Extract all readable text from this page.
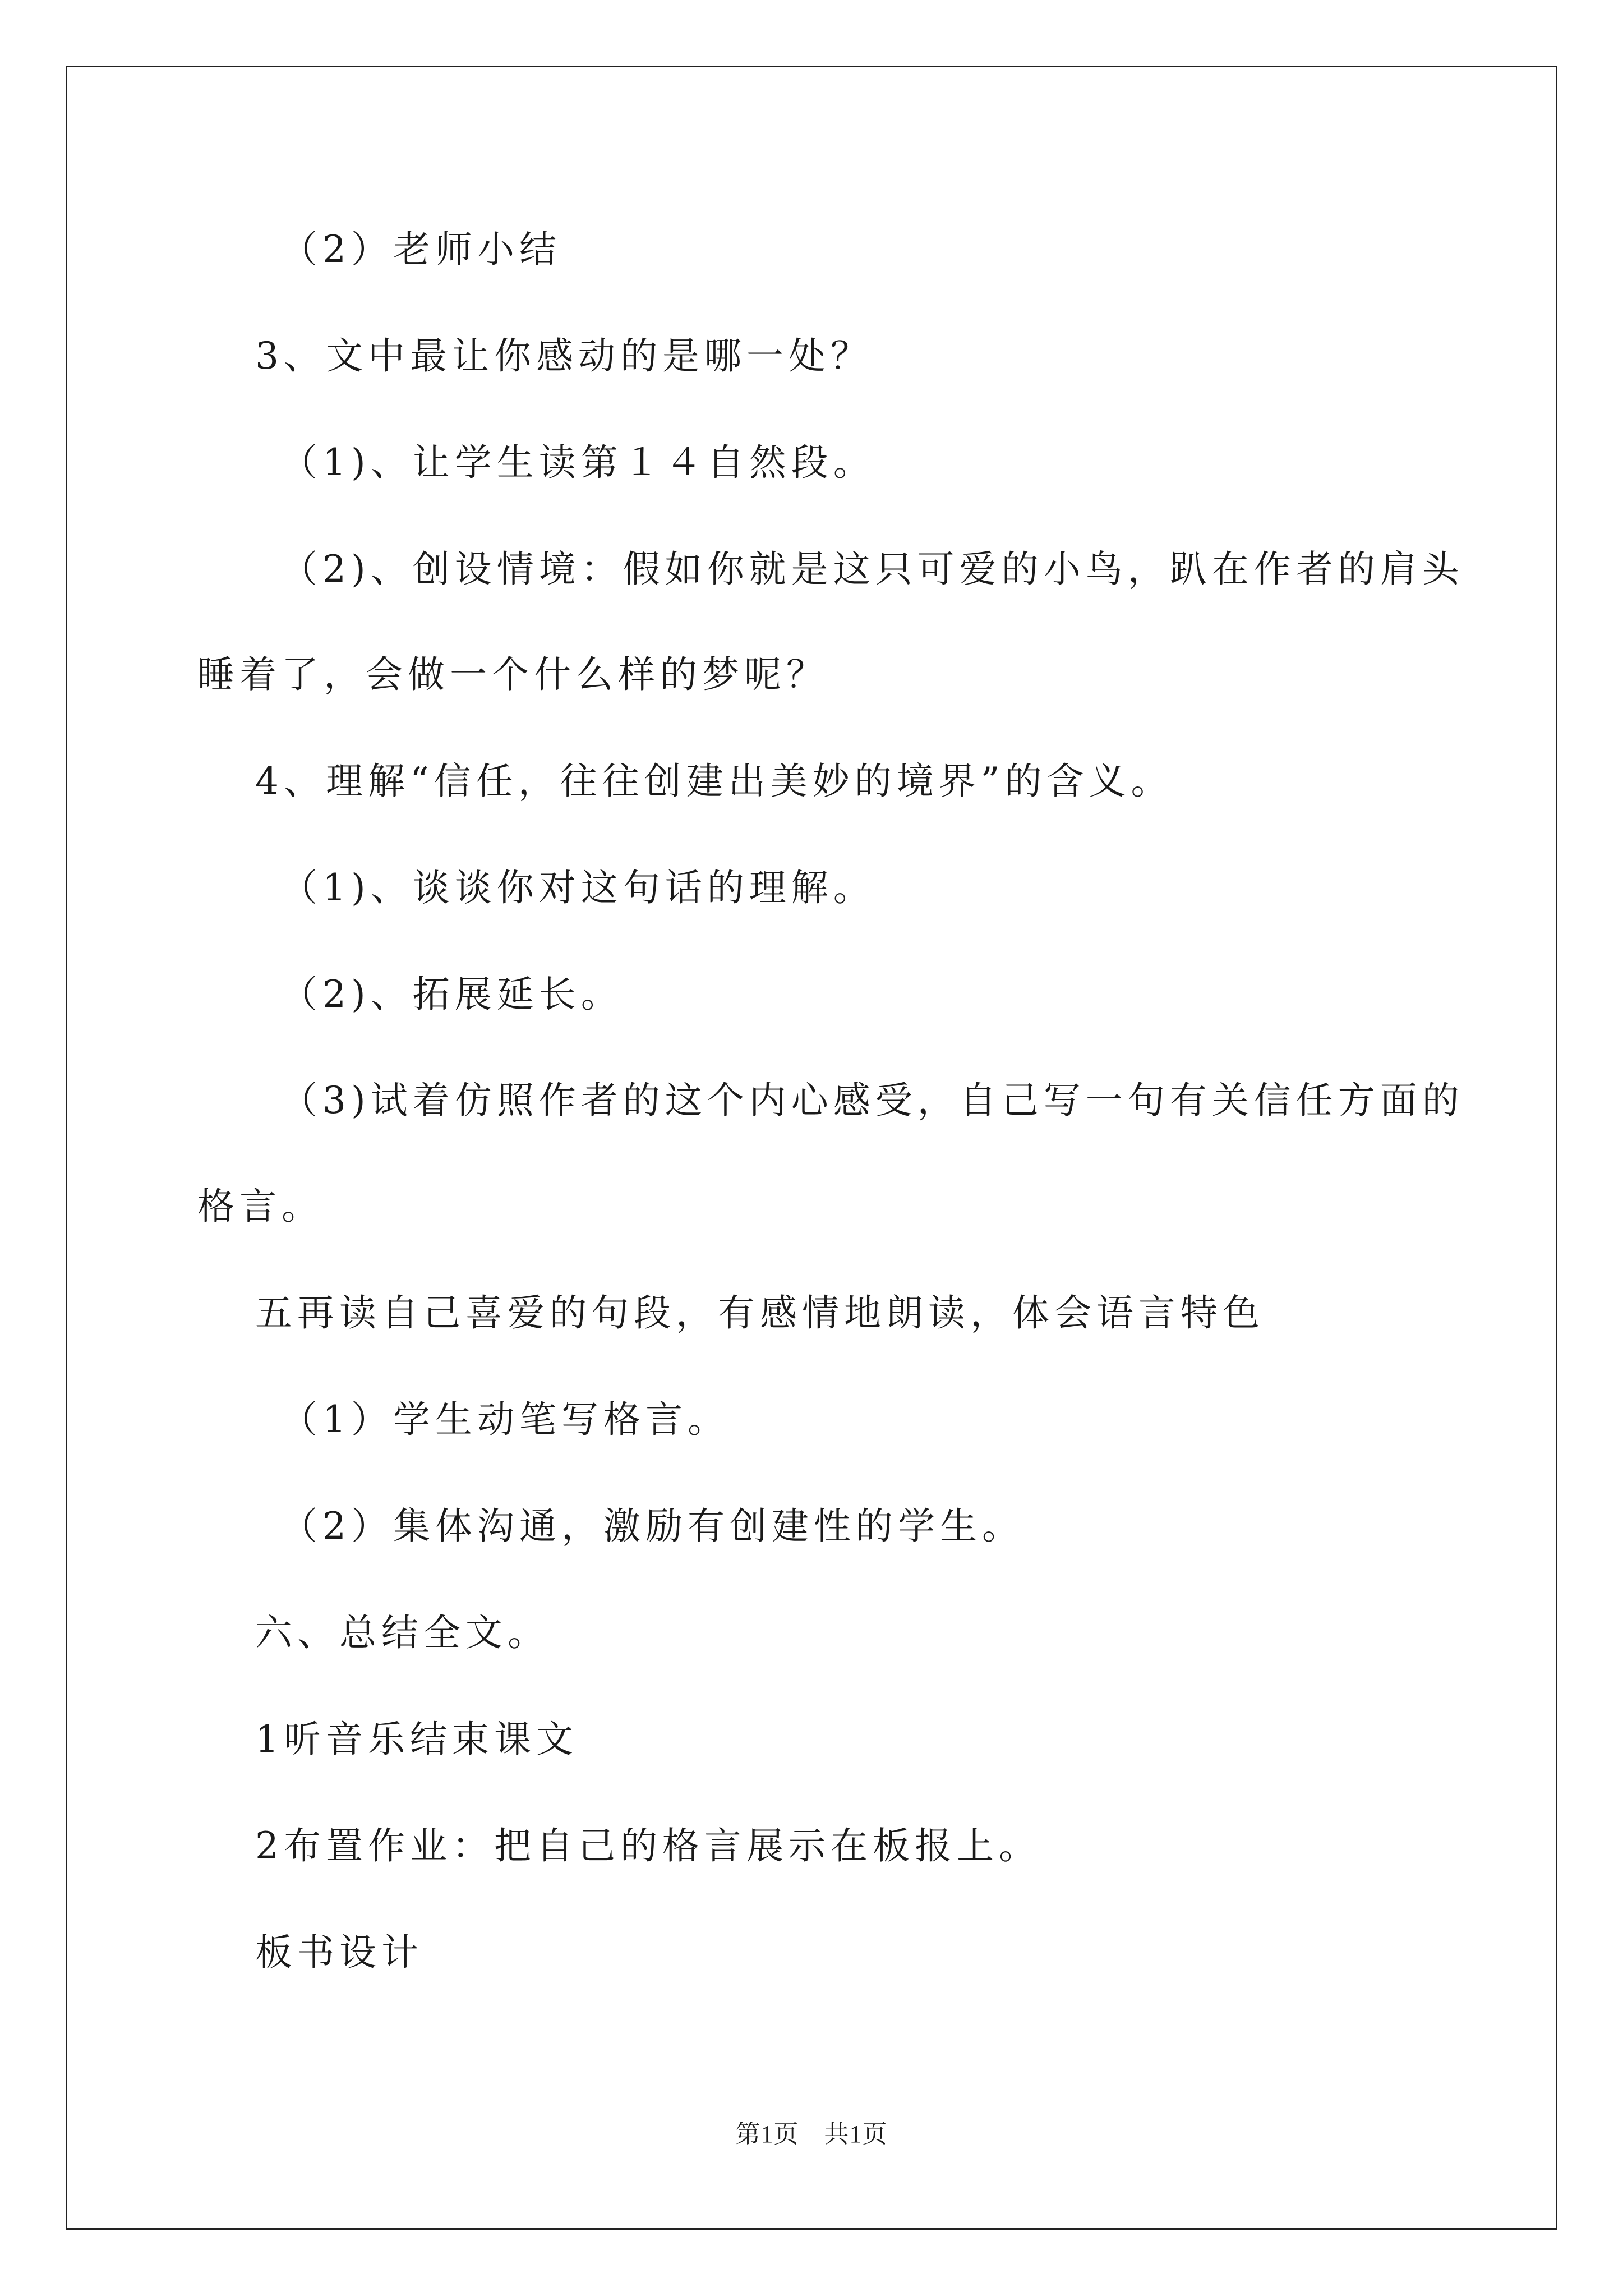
（2）老师小结
3、文中最让你感动的是哪一处？
（1)、让学生读第１４自然段。
（2)、创设情境：假如你就是这只可爱的小鸟，趴在作者的肩头
睡着了，会做一个什么样的梦呢？
4、理解“信任，往往创建出美妙的境界”的含义。
（1)、谈谈你对这句话的理解。
（2)、拓展延长。
（3)试着仿照作者的这个内心感受，自己写一句有关信任方面的
格言。
五再读自己喜爱的句段，有感情地朗读，体会语言特色
（1）学生动笔写格言。
（2）集体沟通，激励有创建性的学生。
六、总结全文。
1听音乐结束课文
2布置作业：把自己的格言展示在板报上。
板书设计
第1页　共1页
